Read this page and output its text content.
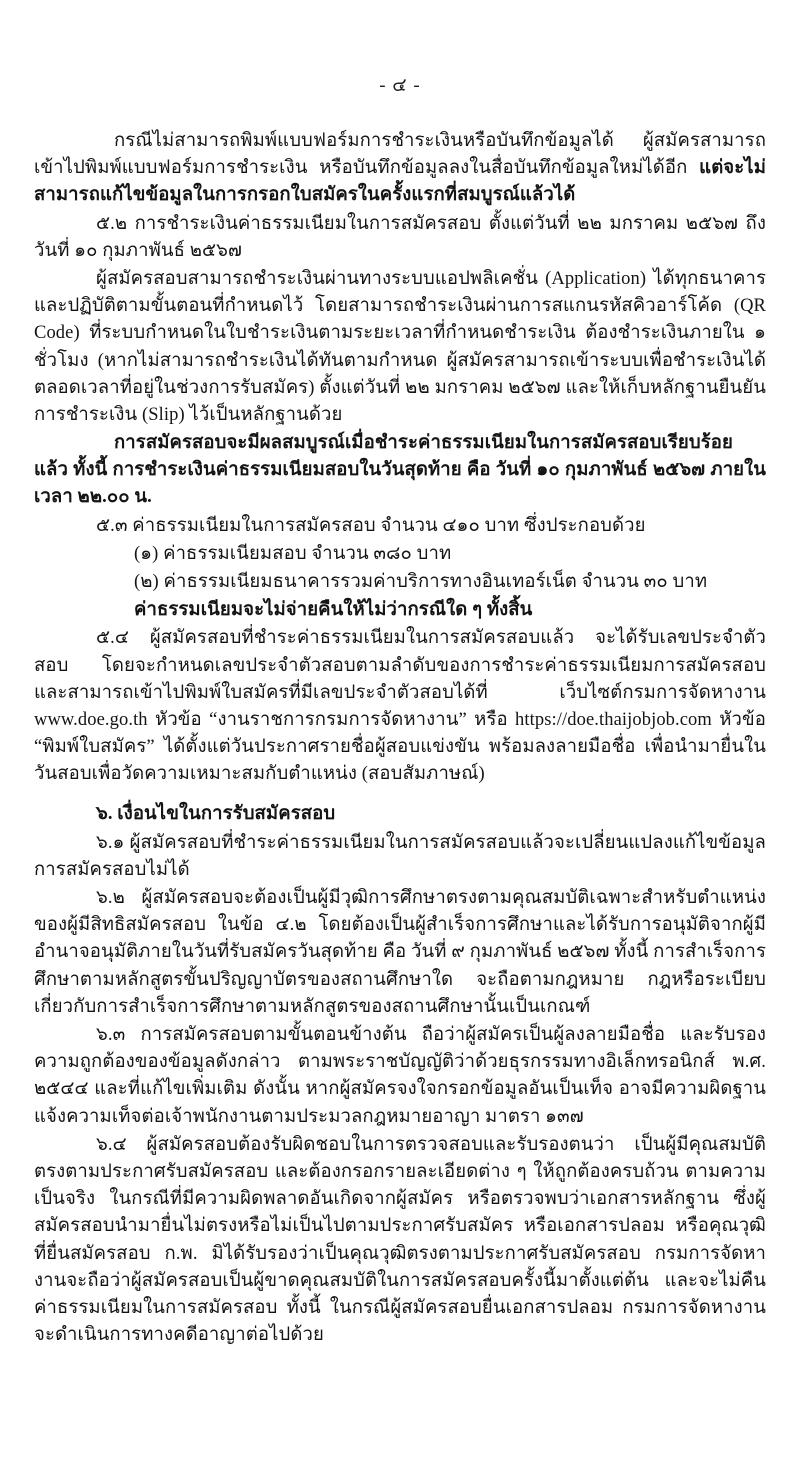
- ๔ -

กรณีไม่สามารถพิมพ์แบบฟอร์มการชำระเงินหรือบันทึกข้อมูลได้ ผู้สมัครสามารถเข้าไปพิมพ์แบบฟอร์มการชำระเงิน หรือบันทึกข้อมูลลงในสื่อบันทึกข้อมูลใหม่ได้อีก แต่จะไม่สามารถแก้ไขข้อมูลในการกรอกใบสมัครในครั้งแรกที่สมบูรณ์แล้วได้

๕.๒ การชำระเงินค่าธรรมเนียมในการสมัครสอบ ตั้งแต่วันที่ ๒๒ มกราคม ๒๕๖๗ ถึงวันที่ ๑๐ กุมภาพันธ์ ๒๕๖๗

ผู้สมัครสอบสามารถชำระเงินผ่านทางระบบแอปพลิเคชั่น (Application) ได้ทุกธนาคาร และปฏิบัติตามขั้นตอนที่กำหนดไว้ โดยสามารถชำระเงินผ่านการสแกนรหัสคิวอาร์โค้ด (QR Code) ที่ระบบกำหนดในใบชำระเงินตามระยะเวลาที่กำหนดชำระเงิน ต้องชำระเงินภายใน ๑ ชั่วโมง (หากไม่สามารถชำระเงินได้ทันตามกำหนด ผู้สมัครสามารถเข้าระบบเพื่อชำระเงินได้ตลอดเวลาที่อยู่ในช่วงการรับสมัคร) ตั้งแต่วันที่ ๒๒ มกราคม ๒๕๖๗ และให้เก็บหลักฐานยืนยันการชำระเงิน (Slip) ไว้เป็นหลักฐานด้วย

การสมัครสอบจะมีผลสมบูรณ์เมื่อชำระค่าธรรมเนียมในการสมัครสอบเรียบร้อยแล้ว ทั้งนี้ การชำระเงินค่าธรรมเนียมสอบในวันสุดท้าย คือ วันที่ ๑๐ กุมภาพันธ์ ๒๕๖๗ ภายในเวลา ๒๒.๐๐ น.

๕.๓ ค่าธรรมเนียมในการสมัครสอบ จำนวน ๔๑๐ บาท ซึ่งประกอบด้วย

(๑) ค่าธรรมเนียมสอบ จำนวน ๓๘๐ บาท

(๒) ค่าธรรมเนียมธนาคารรวมค่าบริการทางอินเทอร์เน็ต จำนวน ๓๐ บาท

ค่าธรรมเนียมจะไม่จ่ายคืนให้ไม่ว่ากรณีใด ๆ ทั้งสิ้น

๕.๔ ผู้สมัครสอบที่ชำระค่าธรรมเนียมในการสมัครสอบแล้ว จะได้รับเลขประจำตัวสอบ โดยจะกำหนดเลขประจำตัวสอบตามลำดับของการชำระค่าธรรมเนียมการสมัครสอบ และสามารถเข้าไปพิมพ์ใบสมัครที่มีเลขประจำตัวสอบได้ที่ เว็บไซต์กรมการจัดหางาน www.doe.go.th หัวข้อ “งานราชการกรมการจัดหางาน” หรือ https://doe.thaijobjob.com หัวข้อ “พิมพ์ใบสมัคร” ได้ตั้งแต่วันประกาศรายชื่อผู้สอบแข่งขัน พร้อมลงลายมือชื่อ เพื่อนำมายื่นในวันสอบเพื่อวัดความเหมาะสมกับตำแหน่ง (สอบสัมภาษณ์)

๖. เงื่อนไขในการรับสมัครสอบ

๖.๑ ผู้สมัครสอบที่ชำระค่าธรรมเนียมในการสมัครสอบแล้วจะเปลี่ยนแปลงแก้ไขข้อมูลการสมัครสอบไม่ได้

๖.๒ ผู้สมัครสอบจะต้องเป็นผู้มีวุฒิการศึกษาตรงตามคุณสมบัติเฉพาะสำหรับตำแหน่งของผู้มีสิทธิสมัครสอบ ในข้อ ๔.๒ โดยต้องเป็นผู้สำเร็จการศึกษาและได้รับการอนุมัติจากผู้มีอำนาจอนุมัติภายในวันที่รับสมัครวันสุดท้าย คือ วันที่ ๙ กุมภาพันธ์ ๒๕๖๗ ทั้งนี้ การสำเร็จการศึกษาตามหลักสูตรขั้นปริญญาบัตรของสถานศึกษาใด จะถือตามกฎหมาย กฎหรือระเบียบเกี่ยวกับการสำเร็จการศึกษาตามหลักสูตรของสถานศึกษานั้นเป็นเกณฑ์

๖.๓ การสมัครสอบตามขั้นตอนข้างต้น ถือว่าผู้สมัครเป็นผู้ลงลายมือชื่อ และรับรองความถูกต้องของข้อมูลดังกล่าว ตามพระราชบัญญัติว่าด้วยธุรกรรมทางอิเล็กทรอนิกส์ พ.ศ. ๒๕๔๔ และที่แก้ไขเพิ่มเติม ดังนั้น หากผู้สมัครจงใจกรอกข้อมูลอันเป็นเท็จ อาจมีความผิดฐานแจ้งความเท็จต่อเจ้าพนักงานตามประมวลกฎหมายอาญา มาตรา ๑๓๗

๖.๔ ผู้สมัครสอบต้องรับผิดชอบในการตรวจสอบและรับรองตนว่า เป็นผู้มีคุณสมบัติตรงตามประกาศรับสมัครสอบ และต้องกรอกรายละเอียดต่าง ๆ ให้ถูกต้องครบถ้วน ตามความเป็นจริง ในกรณีที่มีความผิดพลาดอันเกิดจากผู้สมัคร หรือตรวจพบว่าเอกสารหลักฐาน ซึ่งผู้สมัครสอบนำมายื่นไม่ตรงหรือไม่เป็นไปตามประกาศรับสมัคร หรือเอกสารปลอม หรือคุณวุฒิที่ยื่นสมัครสอบ ก.พ. มิได้รับรองว่าเป็นคุณวุฒิตรงตามประกาศรับสมัครสอบ กรมการจัดหางานจะถือว่าผู้สมัครสอบเป็นผู้ขาดคุณสมบัติในการสมัครสอบครั้งนี้มาตั้งแต่ต้น และจะไม่คืนค่าธรรมเนียมในการสมัครสอบ ทั้งนี้ ในกรณีผู้สมัครสอบยื่นเอกสารปลอม กรมการจัดหางานจะดำเนินการทางคดีอาญาต่อไปด้วย
